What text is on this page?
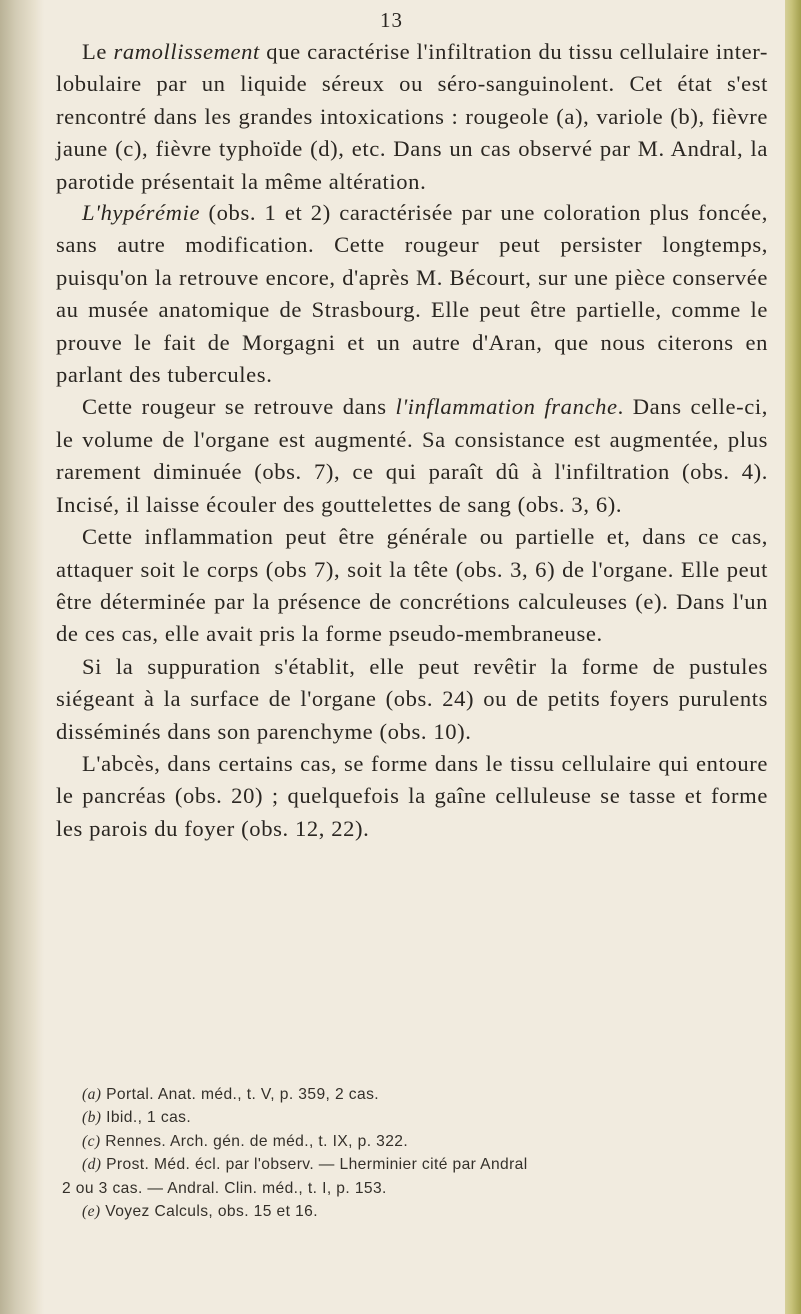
13

Le ramollissement que caractérise l'infiltration du tissu cellulaire inter-lobulaire par un liquide séreux ou séro-sanguinolent. Cet état s'est rencontré dans les grandes intoxications : rougeole (a), variole (b), fièvre jaune (c), fièvre typhoïde (d), etc. Dans un cas observé par M. Andral, la parotide présentait la même altération.

L'hypérémie (obs. 1 et 2) caractérisée par une coloration plus foncée, sans autre modification. Cette rougeur peut persister longtemps, puisqu'on la retrouve encore, d'après M. Bécourt, sur une pièce conservée au musée anatomique de Strasbourg. Elle peut être partielle, comme le prouve le fait de Morgagni et un autre d'Aran, que nous citerons en parlant des tubercules.

Cette rougeur se retrouve dans l'inflammation franche. Dans celle-ci, le volume de l'organe est augmenté. Sa consistance est augmentée, plus rarement diminuée (obs. 7), ce qui paraît dû à l'infiltration (obs. 4). Incisé, il laisse écouler des gouttelettes de sang (obs. 3, 6).

Cette inflammation peut être générale ou partielle et, dans ce cas, attaquer soit le corps (obs 7), soit la tête (obs. 3, 6) de l'organe. Elle peut être déterminée par la présence de concrétions calculeuses (e). Dans l'un de ces cas, elle avait pris la forme pseudo-membraneuse.

Si la suppuration s'établit, elle peut revêtir la forme de pustules siégeant à la surface de l'organe (obs. 24) ou de petits foyers purulents disséminés dans son parenchyme (obs. 10).

L'abcès, dans certains cas, se forme dans le tissu cellulaire qui entoure le pancréas (obs. 20) ; quelquefois la gaîne celluleuse se tasse et forme les parois du foyer (obs. 12, 22).

(a) Portal. Anat. méd., t. V, p. 359, 2 cas.
(b) Ibid., 1 cas.
(c) Rennes. Arch. gén. de méd., t. IX, p. 322.
(d) Prost. Méd. écl. par l'observ. — Lherminier cité par Andral
2 ou 3 cas. — Andral. Clin. méd., t. I, p. 153.
(e) Voyez Calculs, obs. 15 et 16.
